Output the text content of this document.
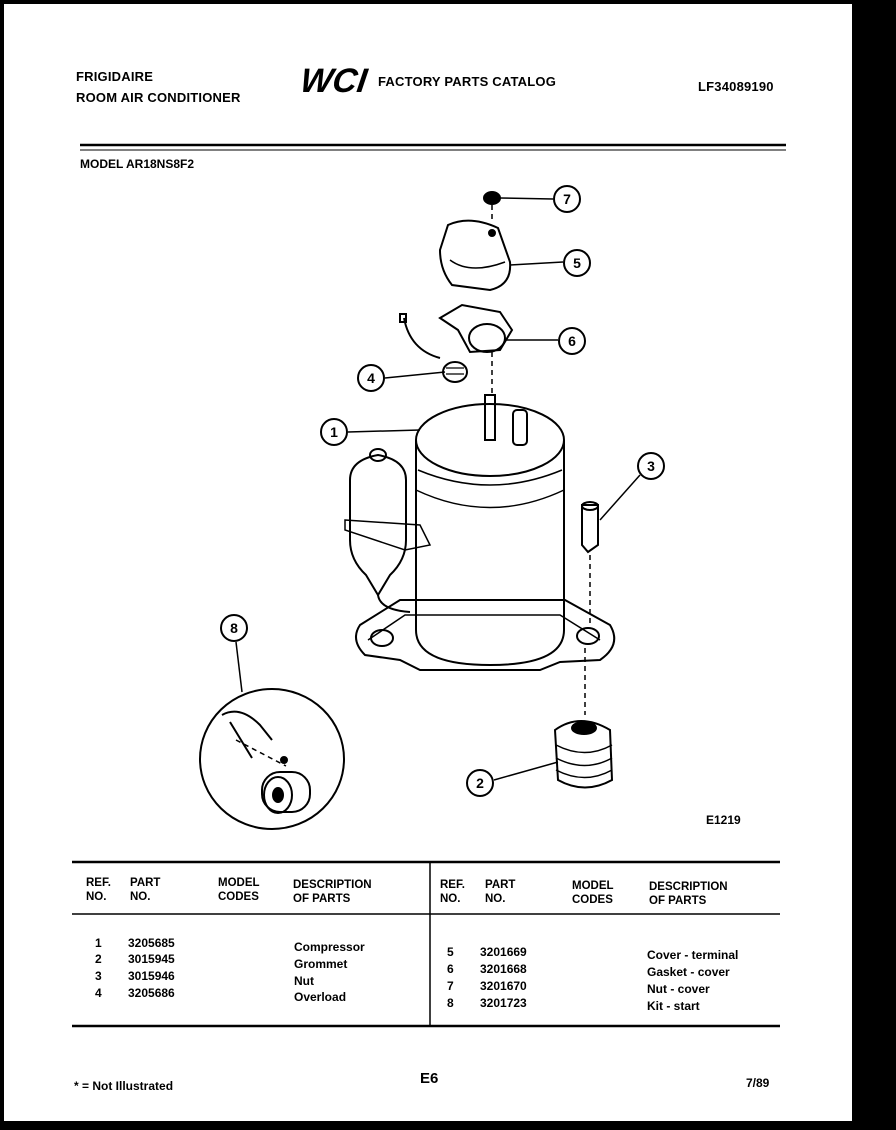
FRIGIDAIRE
ROOM AIR CONDITIONER
FACTORY PARTS CATALOG	LF34089190
MODEL AR18NS8F2
WCI
7
5
6
4
1
3
2
8
E1219
REF.
NO.
PART
NO.
MODEL
CODES
DESCRIPTION
OF PARTS
REF.
NO.
PART
NO.
MODEL
CODES
DESCRIPTION
OF PARTS
1 3205685	Compressor
2 3015945	Grommet
3 3015946	Nut
4 3205686	Overload
5 3201669	Cover - terminal
6 3201668	Gasket - cover
7 3201670	Nut - cover
8 3201723	Kit - start
* = Not Illustrated	E6	7/89
